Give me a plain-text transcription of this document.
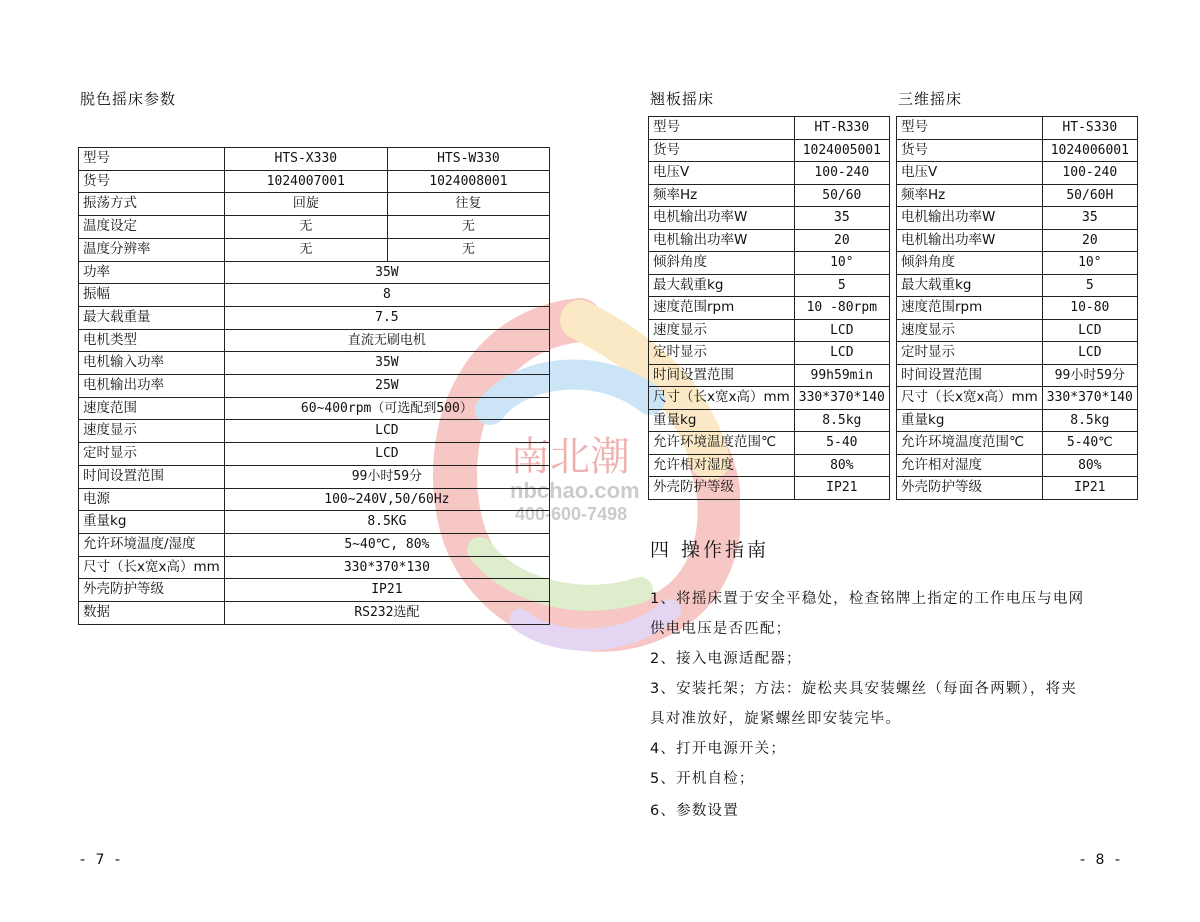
南北潮
nbchao.com
400-600-7498
脱色摇床参数
型号	HTS-X330	HTS-W330
货号	1024007001	1024008001
振荡方式	回旋	往复
温度设定	无	无
温度分辨率	无	无
功率	35W	
振幅	8	
最大载重量	7.5	
电机类型	直流无刷电机	
电机输入功率	35W	
电机输出功率	25W	
速度范围	60~400rpm（可选配到500）	
速度显示	LCD	
定时显示	LCD	
时间设置范围	99小时59分	
电源	100~240V,50/60Hz	
重量kg	8.5KG	
允许环境温度/湿度	5~40℃, 80%	
尺寸（长x宽x高）mm	330*370*130	
外壳防护等级	IP21	
数据	RS232选配	
- 7 -
翘板摇床	三维摇床
型号	HT-R330
货号	1024005001
电压V	100-240
频率Hz	50/60
电机输出功率W	35
电机输出功率W	20
倾斜角度	10°
最大载重kg	5
速度范围rpm	10 -80rpm
速度显示	LCD
定时显示	LCD
时间设置范围	99h59min
尺寸（长x宽x高）mm	330*370*140
重量kg	8.5kg
允许环境温度范围℃	5-40
允许相对湿度	80%
外壳防护等级	IP21
型号	HT-S330
货号	1024006001
电压V	100-240
频率Hz	50/60H
电机输出功率W	35
电机输出功率W	20
倾斜角度	10°
最大载重kg	5
速度范围rpm	10-80
速度显示	LCD
定时显示	LCD
时间设置范围	99小时59分
尺寸（长x宽x高）mm	330*370*140
重量kg	8.5kg
允许环境温度范围℃	5-40℃
允许相对湿度	80%
外壳防护等级	IP21
四 操作指南
1、将摇床置于安全平稳处，检查铭牌上指定的工作电压与电网
供电电压是否匹配；
2、接入电源适配器；
3、安装托架；方法：旋松夹具安装螺丝（每面各两颗），将夹
具对准放好，旋紧螺丝即安装完毕。
4、打开电源开关；
5、开机自检；
6、参数设置
- 8 -
